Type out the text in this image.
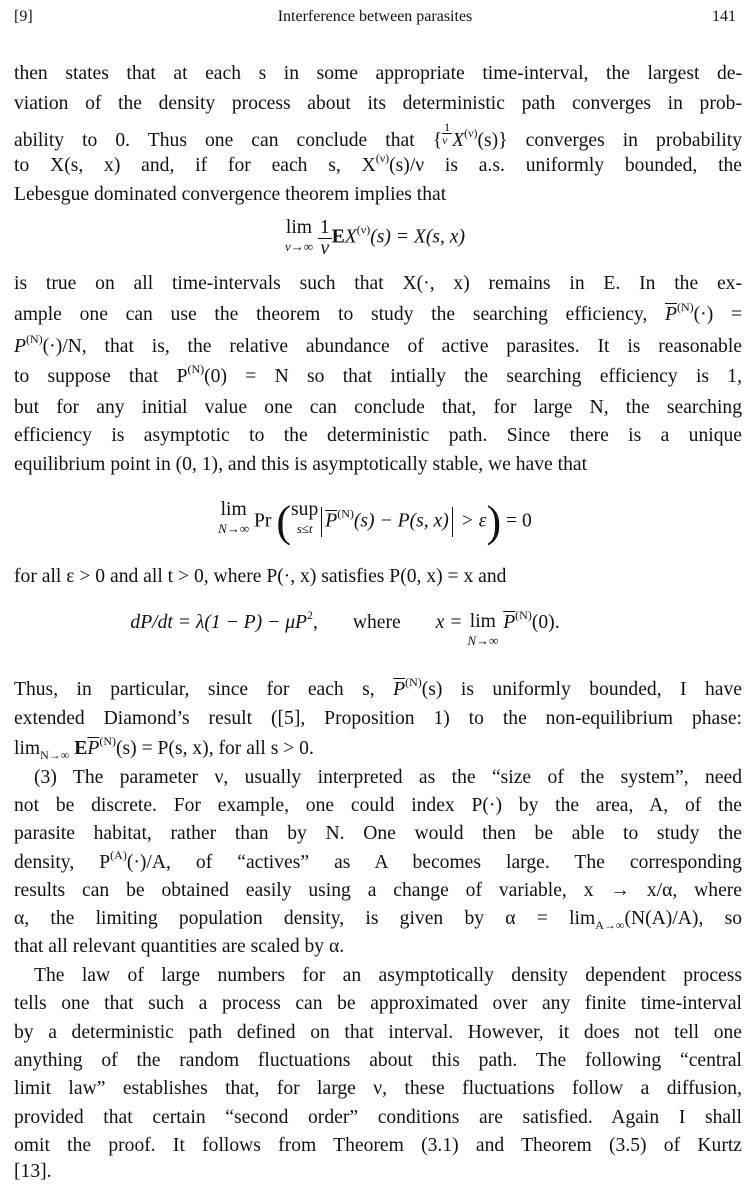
[9]	Interference between parasites	141
then states that at each s in some appropriate time-interval, the largest de-
viation of the density process about its deterministic path converges in prob-
ability to 0. Thus one can conclude that { $\frac{1}{\nu} X^{(\nu)}(s)$} converges in probability
to X(s, x) and, if for each s, $X^{(\nu)}(s)/\nu$ is a.s. uniformly bounded, the
Lebesgue dominated convergence theorem implies that
lim
ν→∞
$\frac{1}{\nu} EX^{(\nu)}(s) = X(s$, x)
is true on all time-intervals such that X(·, x) remains in E. In the ex-
ample one can use the theorem to study the searching efficiency, $\overline{P}^{(N)}(\cdot)$ =
$P^{(N)}(\cdot)/N$, that is, the relative abundance of active parasites. It is reasonable
to suppose that $P^{(N)}(0) = N$ so that intially the searching efficiency is 1,
but for any initial value one can conclude that, for large N, the searching
efficiency is asymptotic to the deterministic path. Since there is a unique
equilibrium point in (0, 1), and this is asymptotically stable, we have that
lim
N→∞ Pr ( sup
s≤t $\overline{P}^{(N)}(s) - P(s$, x) > ε) = 0
for all ε > 0 and all t > 0, where P(·, x) satisfies P(0, x) = x and
$dP/dt = \lambda(1 - P) - \mu P^2$, where x = lim
N→∞
$\overline{P}^{(N)}(0)$.
Thus, in particular, since for each s, $\overline{P}^{(N)}(s)$ is uniformly bounded, I have
extended Diamond’s result ([5], Proposition 1) to the non-equilibrium phase:
$\lim_{N\to\infty} E\overline{P}^{(N)}(s) = P(s$, x), for all s > 0.
(3) The parameter ν, usually interpreted as the “size of the system”, need
not be discrete. For example, one could index P(·) by the area, A, of the
parasite habitat, rather than by N. One would then be able to study the
density, $P^{(A)}(\cdot)/A$, of “actives” as A becomes large. The corresponding
results can be obtained easily using a change of variable, x → x/α, where
α, the limiting population density, is given by $\alpha = \lim_{A\to\infty}(N(A)/A)$, so
that all relevant quantities are scaled by α.
The law of large numbers for an asymptotically density dependent process
tells one that such a process can be approximated over any finite time-interval
by a deterministic path defined on that interval. However, it does not tell one
anything of the random fluctuations about this path. The following “central
limit law” establishes that, for large ν, these fluctuations follow a diffusion,
provided that certain “second order” conditions are satisfied. Again I shall
omit the proof. It follows from Theorem (3.1) and Theorem (3.5) of Kurtz
[13].
